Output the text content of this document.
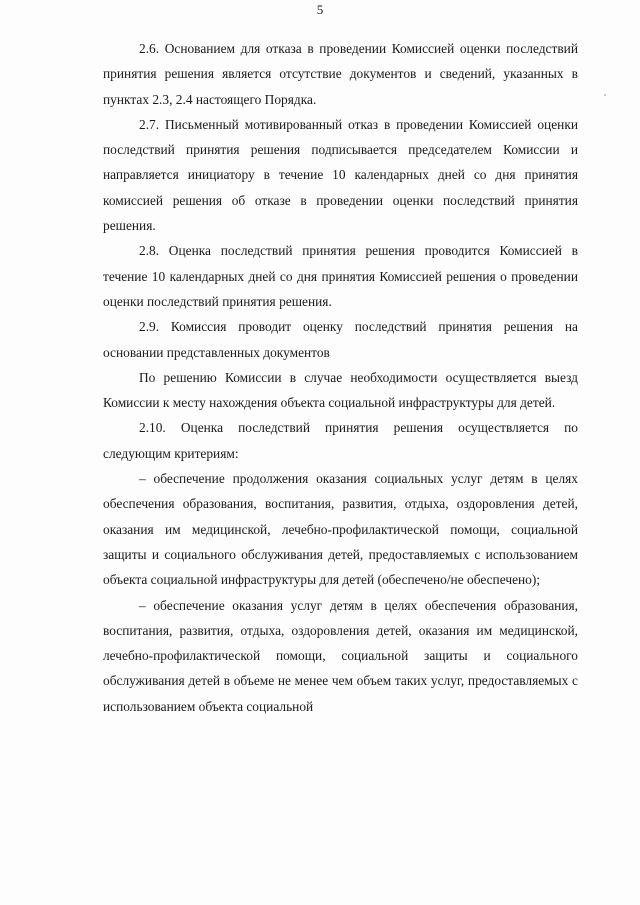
5

2.6. Основанием для отказа в проведении Комиссией оценки последствий принятия решения является отсутствие документов и сведений, указанных в пунктах 2.3, 2.4 настоящего Порядка.

2.7. Письменный мотивированный отказ в проведении Комиссией оценки последствий принятия решения подписывается председателем Комиссии и направляется инициатору в течение 10 календарных дней со дня принятия комиссией решения об отказе в проведении оценки последствий принятия решения.

2.8. Оценка последствий принятия решения проводится Комиссией в течение 10 календарных дней со дня принятия Комиссией решения о проведении оценки последствий принятия решения.

2.9. Комиссия проводит оценку последствий принятия решения на основании представленных документов

По решению Комиссии в случае необходимости осуществляется выезд Комиссии к месту нахождения объекта социальной инфраструктуры для детей.

2.10. Оценка последствий принятия решения осуществляется по следующим критериям:

– обеспечение продолжения оказания социальных услуг детям в целях обеспечения образования, воспитания, развития, отдыха, оздоровления детей, оказания им медицинской, лечебно-профилактической помощи, социальной защиты и социального обслуживания детей, предоставляемых с использованием объекта социальной инфраструктуры для детей (обеспечено/не обеспечено);

– обеспечение оказания услуг детям в целях обеспечения образования, воспитания, развития, отдыха, оздоровления детей, оказания им медицинской, лечебно-профилактической помощи, социальной защиты и социального обслуживания детей в объеме не менее чем объем таких услуг, предоставляемых с использованием объекта социальной
